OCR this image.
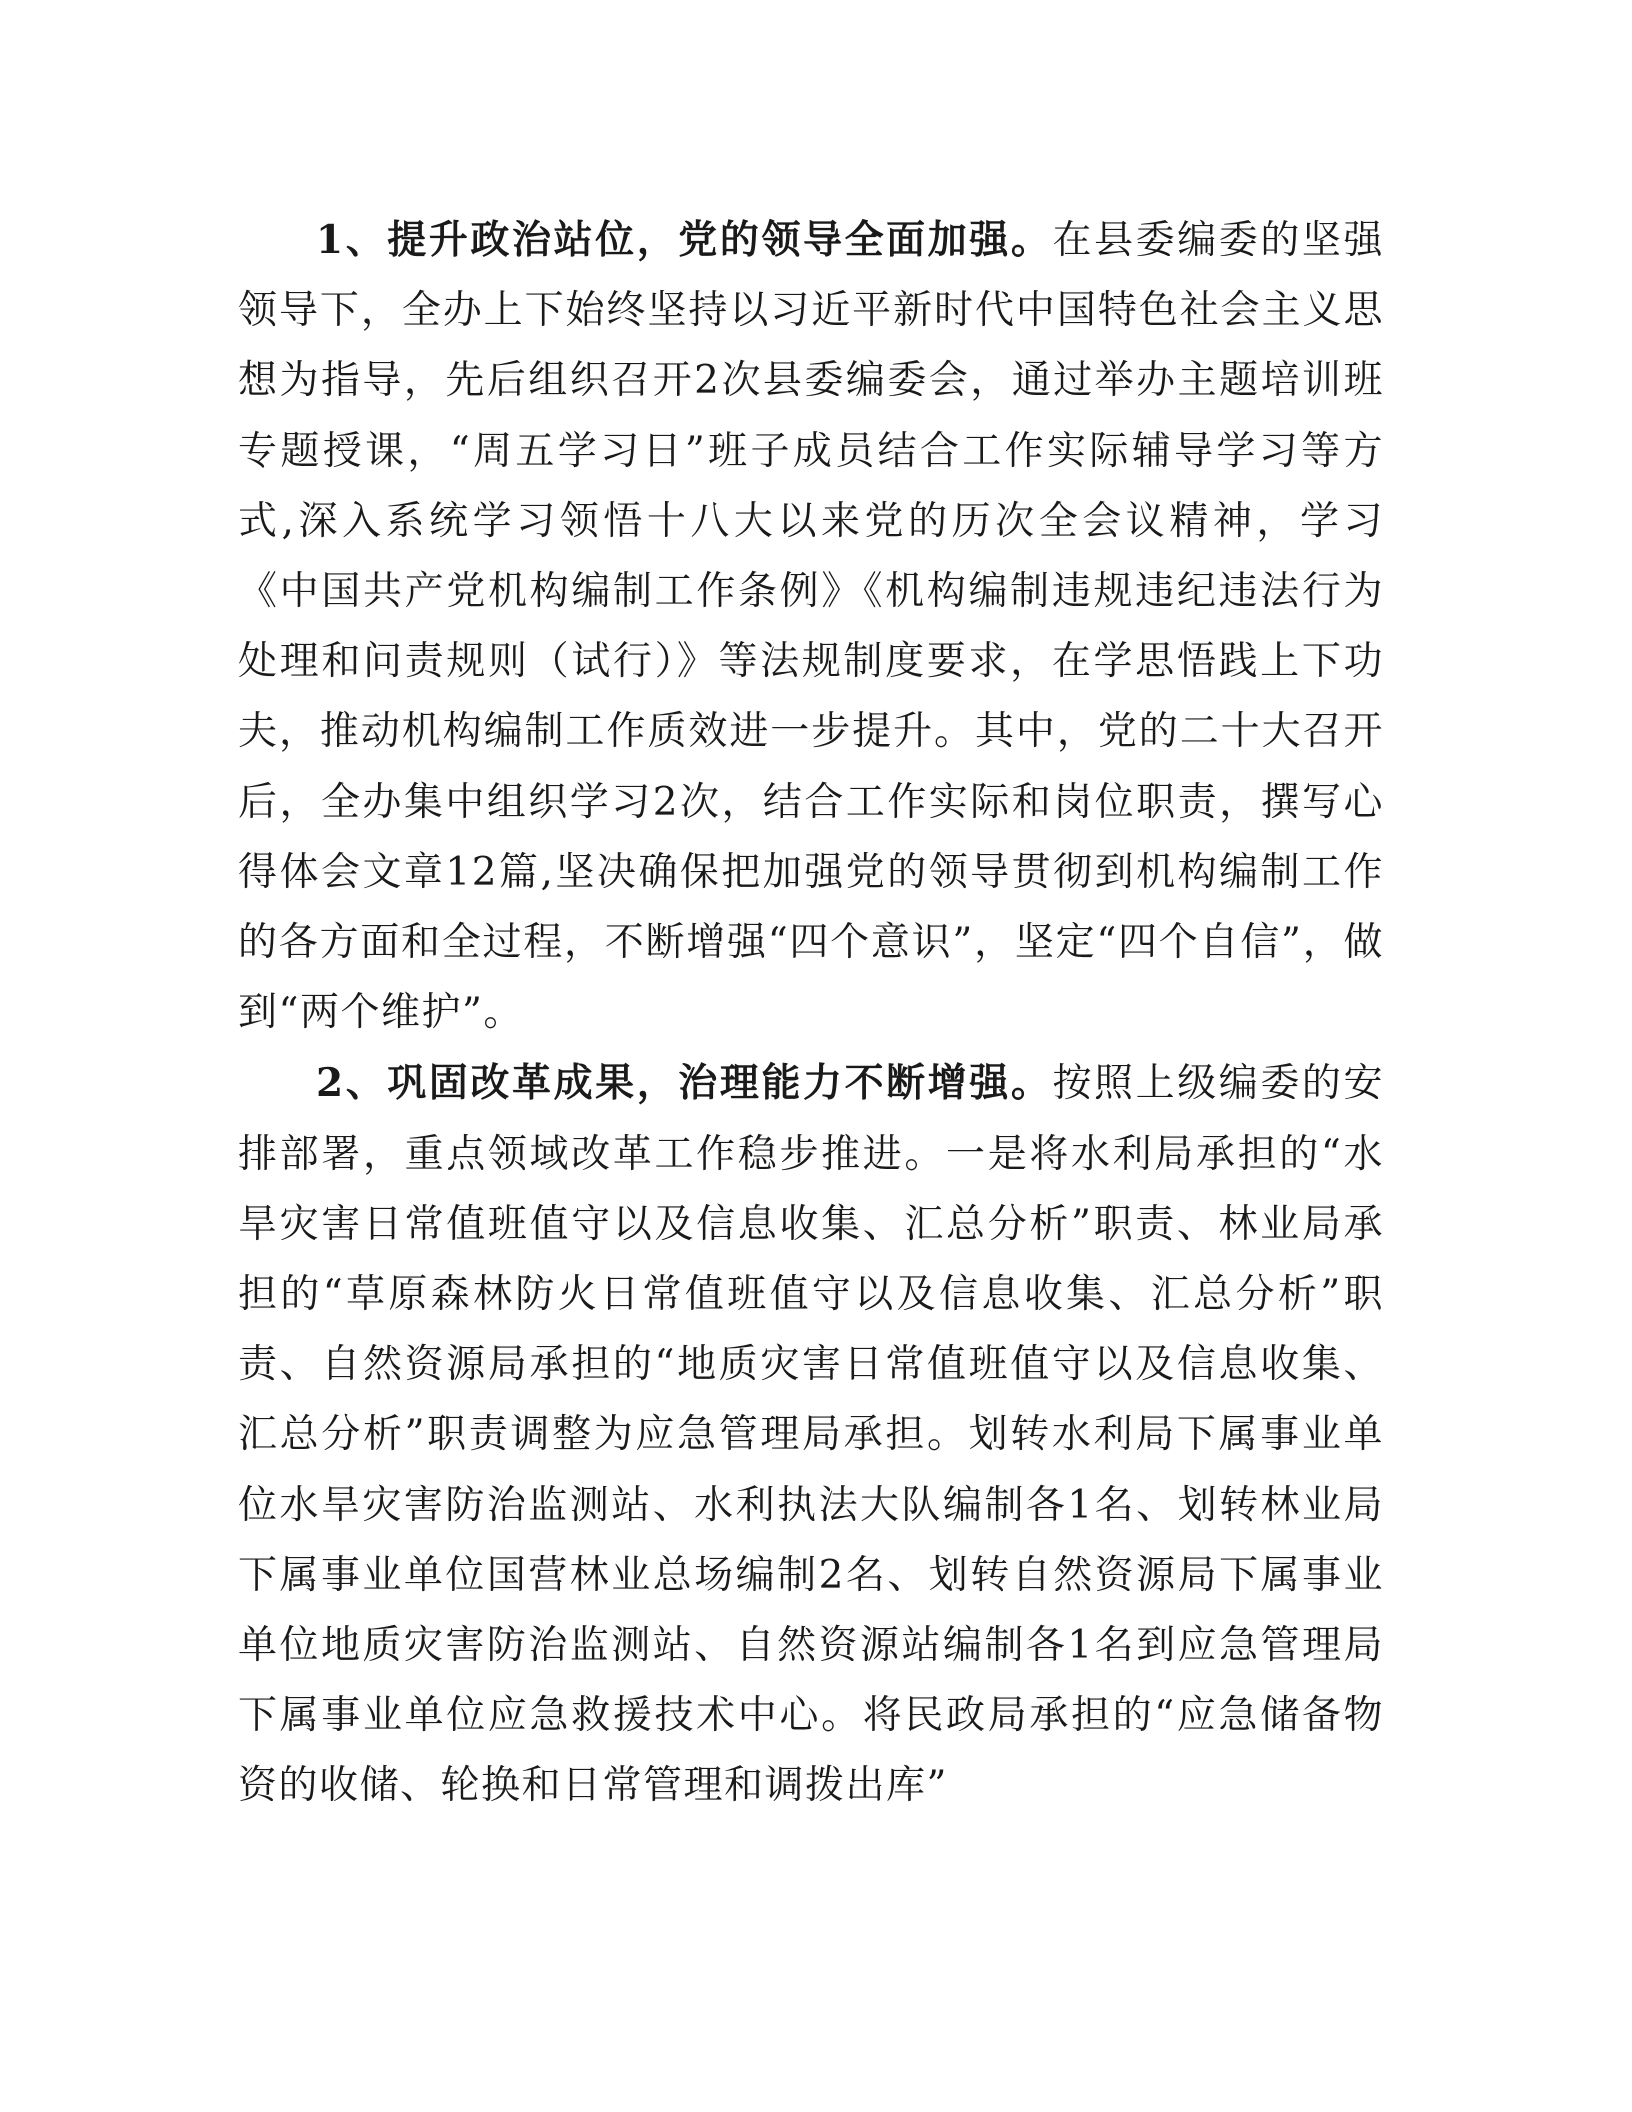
1、提升政治站位，党的领导全面加强。在县委编委的坚强领导下，全办上下始终坚持以习近平新时代中国特色社会主义思想为指导，先后组织召开2次县委编委会，通过举办主题培训班专题授课，“周五学习日”班子成员结合工作实际辅导学习等方式,深入系统学习领悟十八大以来党的历次全会议精神，学习《中国共产党机构编制工作条例》《机构编制违规违纪违法行为处理和问责规则（试行）》等法规制度要求，在学思悟践上下功夫，推动机构编制工作质效进一步提升。其中，党的二十大召开后，全办集中组织学习2次，结合工作实际和岗位职责，撰写心得体会文章12篇,坚决确保把加强党的领导贯彻到机构编制工作的各方面和全过程，不断增强“四个意识”，坚定“四个自信”，做到“两个维护”。

2、巩固改革成果，治理能力不断增强。按照上级编委的安排部署，重点领域改革工作稳步推进。一是将水利局承担的“水旱灾害日常值班值守以及信息收集、汇总分析”职责、林业局承担的“草原森林防火日常值班值守以及信息收集、汇总分析”职责、自然资源局承担的“地质灾害日常值班值守以及信息收集、汇总分析”职责调整为应急管理局承担。划转水利局下属事业单位水旱灾害防治监测站、水利执法大队编制各1名、划转林业局下属事业单位国营林业总场编制2名、划转自然资源局下属事业单位地质灾害防治监测站、自然资源站编制各1名到应急管理局下属事业单位应急救援技术中心。将民政局承担的“应急储备物资的收储、轮换和日常管理和调拨出库”
